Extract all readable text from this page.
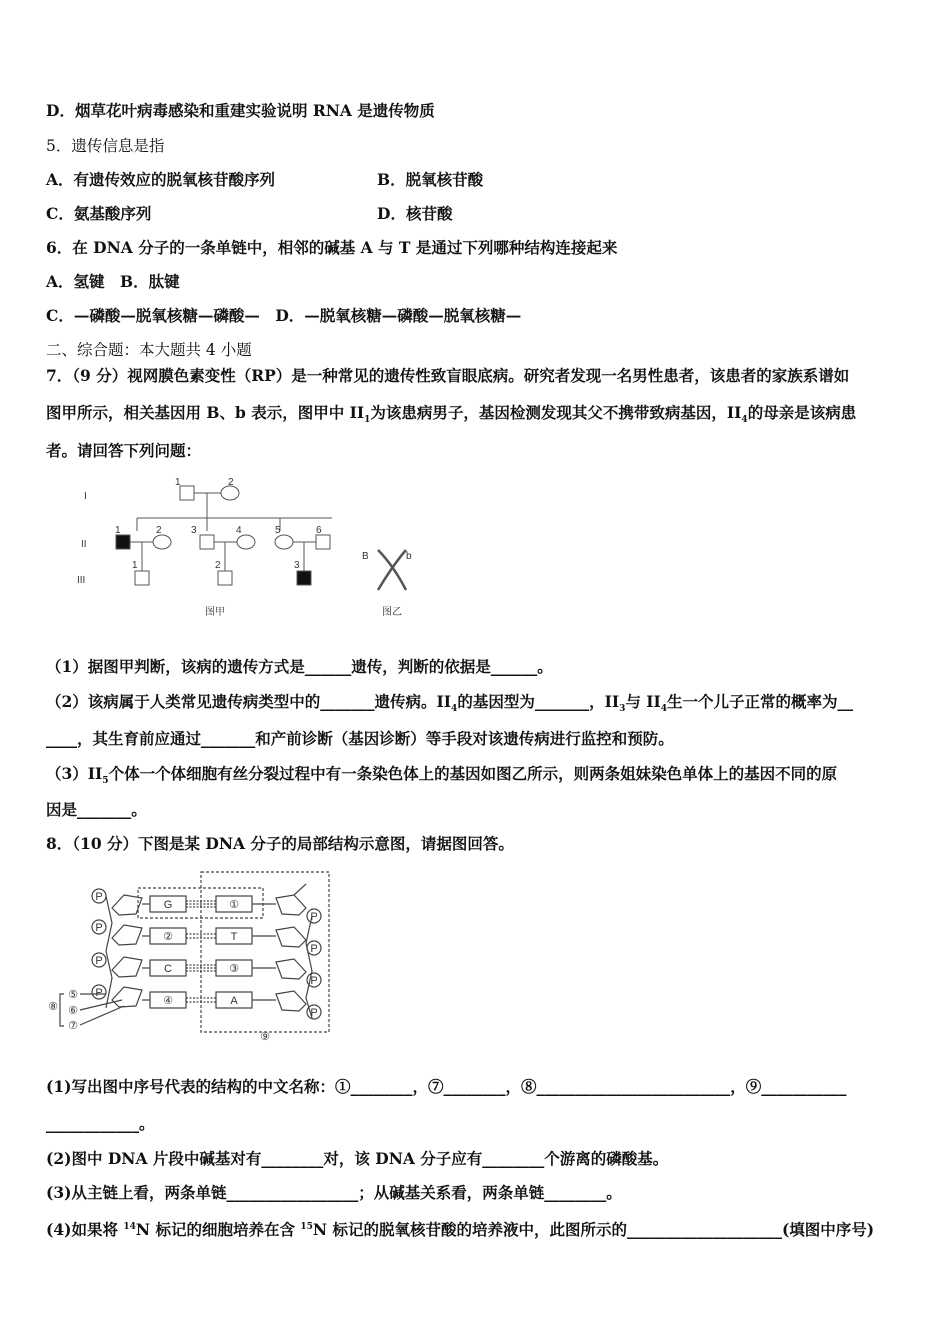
D．烟草花叶病毒感染和重建实验说明 RNA 是遗传物质
5．遗传信息是指
A．有遗传效应的脱氧核苷酸序列	B．脱氧核苷酸
C．氨基酸序列	D．核苷酸
6．在 DNA 分子的一条单链中，相邻的碱基 A 与 T 是通过下列哪种结构连接起来
A．氢键　B．肽键
C．—磷酸—脱氧核糖—磷酸—　D．—脱氧核糖—磷酸—脱氧核糖—
二、综合题：本大题共 4 小题
7．（9 分）视网膜色素变性（RP）是一种常见的遗传性致盲眼底病。研究者发现一名男性患者，该患者的家族系谱如
图甲所示，相关基因用 B、b 表示，图甲中 $II_1$为该患病男子，基因检测发现其父不携带致病基因，$II_4$的母亲是该病患
者。请回答下列问题：
I
II
III
1	2
1	2	3	4	5	6
1	2	3
B	b
图甲	图乙
（1）据图甲判断，该病的遗传方式是______遗传，判断的依据是______。
（2）该病属于人类常见遗传病类型中的_______遗传病。$II_4$的基因型为_______，$II_3$与 $II_4$生一个儿子正常的概率为__
____，其生育前应通过_______和产前诊断（基因诊断）等手段对该遗传病进行监控和预防。
$(3)II_5$个体一个体细胞有丝分裂过程中有一条染色体上的基因如图乙所示，则两条姐妹染色单体上的基因不同的原
因是_______。
8．（10 分）下图是某 DNA 分子的局部结构示意图，请据图回答。
P
P
P
P
P
P
P
P
G	①
②	T
C	③
④	A
⑤
⑥
⑦
⑧
⑨
(1)写出图中序号代表的结构的中文名称：①________，⑦________，⑧_________________________，⑨___________
____________。
(2)图中 DNA 片段中碱基对有________对，该 DNA 分子应有________个游离的磷酸基。
(3)从主链上看，两条单链_________________；从碱基关系看，两条单链________。
(4)如果将 $^{14}$N 标记的细胞培养在含 $^{15}$N 标记的脱氧核苷酸的培养液中，此图所示的____________________(填图中序号)
